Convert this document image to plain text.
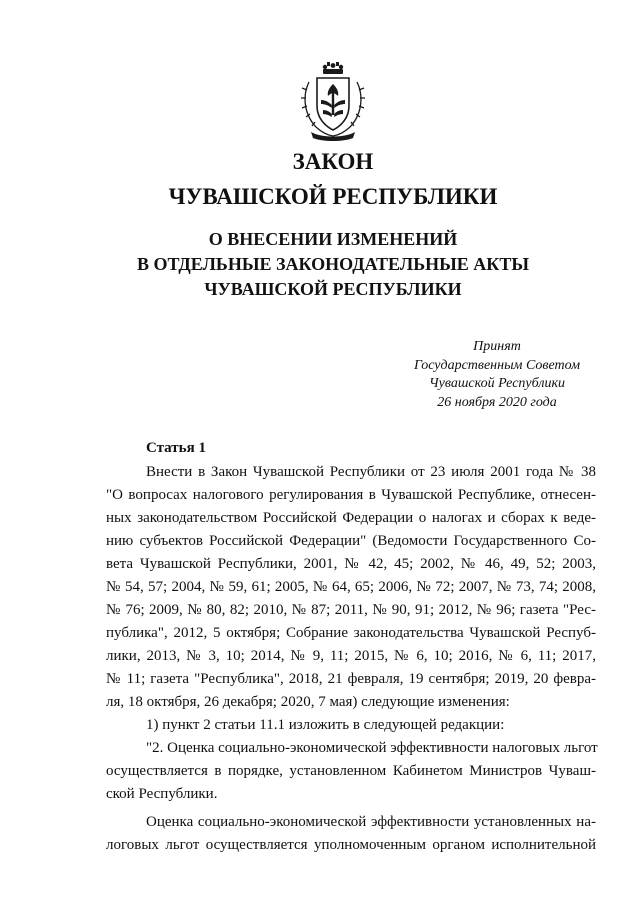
ЗАКОН
ЧУВАШСКОЙ РЕСПУБЛИКИ
О ВНЕСЕНИИ ИЗМЕНЕНИЙ
В ОТДЕЛЬНЫЕ ЗАКОНОДАТЕЛЬНЫЕ АКТЫ
ЧУВАШСКОЙ РЕСПУБЛИКИ
Принят
Государственным Советом
Чувашской Республики
26 ноября 2020 года
Статья 1
Внести в Закон Чувашской Республики от 23 июля 2001 года № 38
"О вопросах налогового регулирования в Чувашской Республике, отнесен-
ных законодательством Российской Федерации о налогах и сборах к веде-
нию субъектов Российской Федерации" (Ведомости Государственного Со-
вета Чувашской Республики, 2001, № 42, 45; 2002, № 46, 49, 52; 2003,
№ 54, 57; 2004, № 59, 61; 2005, № 64, 65; 2006, № 72; 2007, № 73, 74; 2008,
№ 76; 2009, № 80, 82; 2010, № 87; 2011, № 90, 91; 2012, № 96; газета "Рес-
публика", 2012, 5 октября; Собрание законодательства Чувашской Респуб-
лики, 2013, № 3, 10; 2014, № 9, 11; 2015, № 6, 10; 2016, № 6, 11; 2017,
№ 11; газета "Республика", 2018, 21 февраля, 19 сентября; 2019, 20 февра-
ля, 18 октября, 26 декабря; 2020, 7 мая) следующие изменения:
1) пункт 2 статьи 11.1 изложить в следующей редакции:
"2. Оценка социально-экономической эффективности налоговых льгот
осуществляется в порядке, установленном Кабинетом Министров Чуваш-
ской Республики.
Оценка социально-экономической эффективности установленных на-
логовых льгот осуществляется уполномоченным органом исполнительной
